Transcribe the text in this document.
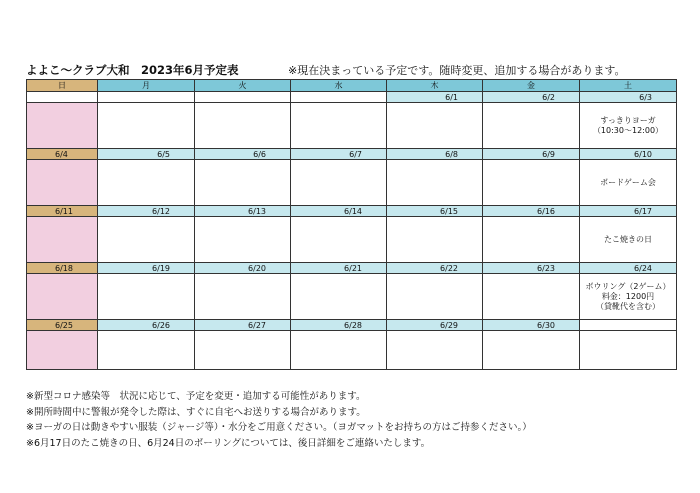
よよこ～クラブ大和　2023年6月予定表	※現在決まっている予定です。随時変更、追加する場合があります。
日	月	火	水	木	金	土
				6/1	6/2	6/3

						すっきりヨーガ
（10:30～12:00）

6/4	6/5	6/6	6/7	6/8	6/9	6/10

						ボードゲーム会

6/11	6/12	6/13	6/14	6/15	6/16	6/17

						たこ焼きの日

6/18	6/19	6/20	6/21	6/22	6/23	6/24

						ボウリング（2ゲーム）
料金：1200円
（貸靴代を含む）

6/25	6/26	6/27	6/28	6/29	6/30	

※新型コロナ感染等　状況に応じて、予定を変更・追加する可能性があります。
※開所時間中に警報が発令した際は、すぐに自宅へお送りする場合があります。
※ヨーガの日は動きやすい服装（ジャージ等）・水分をご用意ください。（ヨガマットをお持ちの方はご持参ください。）
※6月17日のたこ焼きの日、6月24日のボーリングについては、後日詳細をご連絡いたします。
